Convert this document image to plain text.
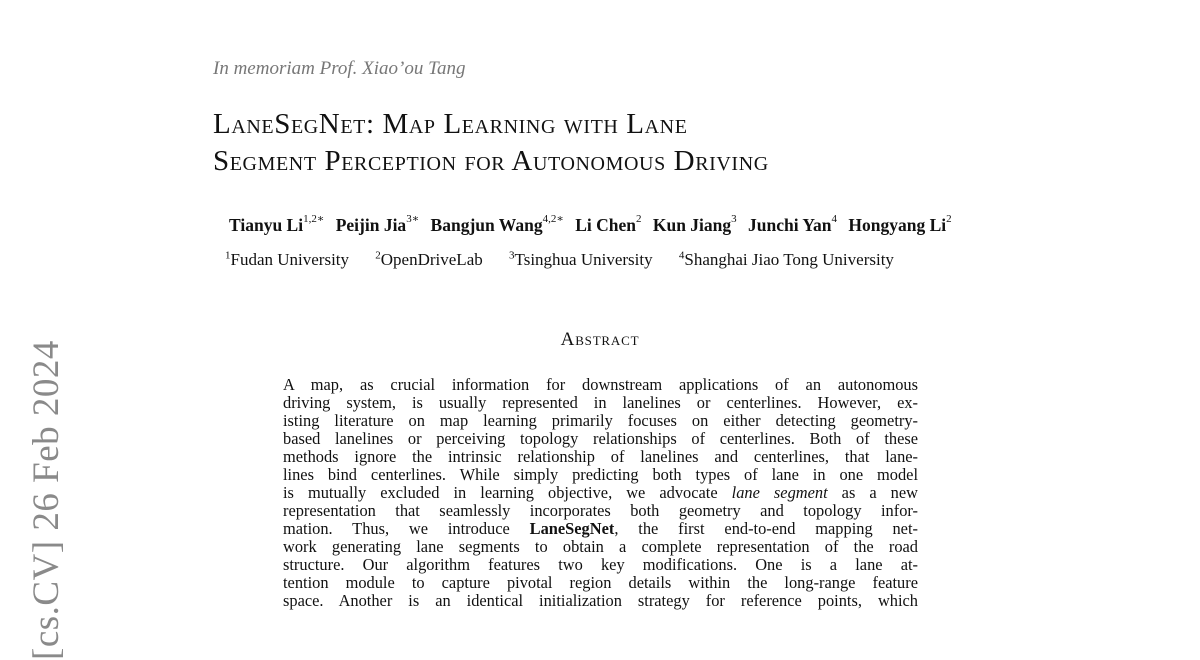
[cs.CV] 26 Feb 2024
In memoriam Prof. Xiao’ou Tang
LaneSegNet: Map Learning with Lane
Segment Perception for Autonomous Driving
Tianyu $Li^{1,2∗}$ Peijin Jia$^{3∗}$ Bangjun Wang$^{4,2∗}$ Li Chen$^2$ Kun Jiang$^3$ Junchi Yan$^4$ Hongyang Li$^2$
$^1$Fudan University $^2$OpenDriveLab $^3$Tsinghua University $^4$Shanghai Jiao Tong University
Abstract
A map, as crucial information for downstream applications of an autonomous
driving system, is usually represented in lanelines or centerlines. However, ex-
isting literature on map learning primarily focuses on either detecting geometry-
based lanelines or perceiving topology relationships of centerlines. Both of these
methods ignore the intrinsic relationship of lanelines and centerlines, that lane-
lines bind centerlines. While simply predicting both types of lane in one model
is mutually excluded in learning objective, we advocate lane segment as a new
representation that seamlessly incorporates both geometry and topology infor-
mation. Thus, we introduce LaneSegNet, the first end-to-end mapping net-
work generating lane segments to obtain a complete representation of the road
structure. Our algorithm features two key modifications. One is a lane at-
tention module to capture pivotal region details within the long-range feature
space. Another is an identical initialization strategy for reference points, which
